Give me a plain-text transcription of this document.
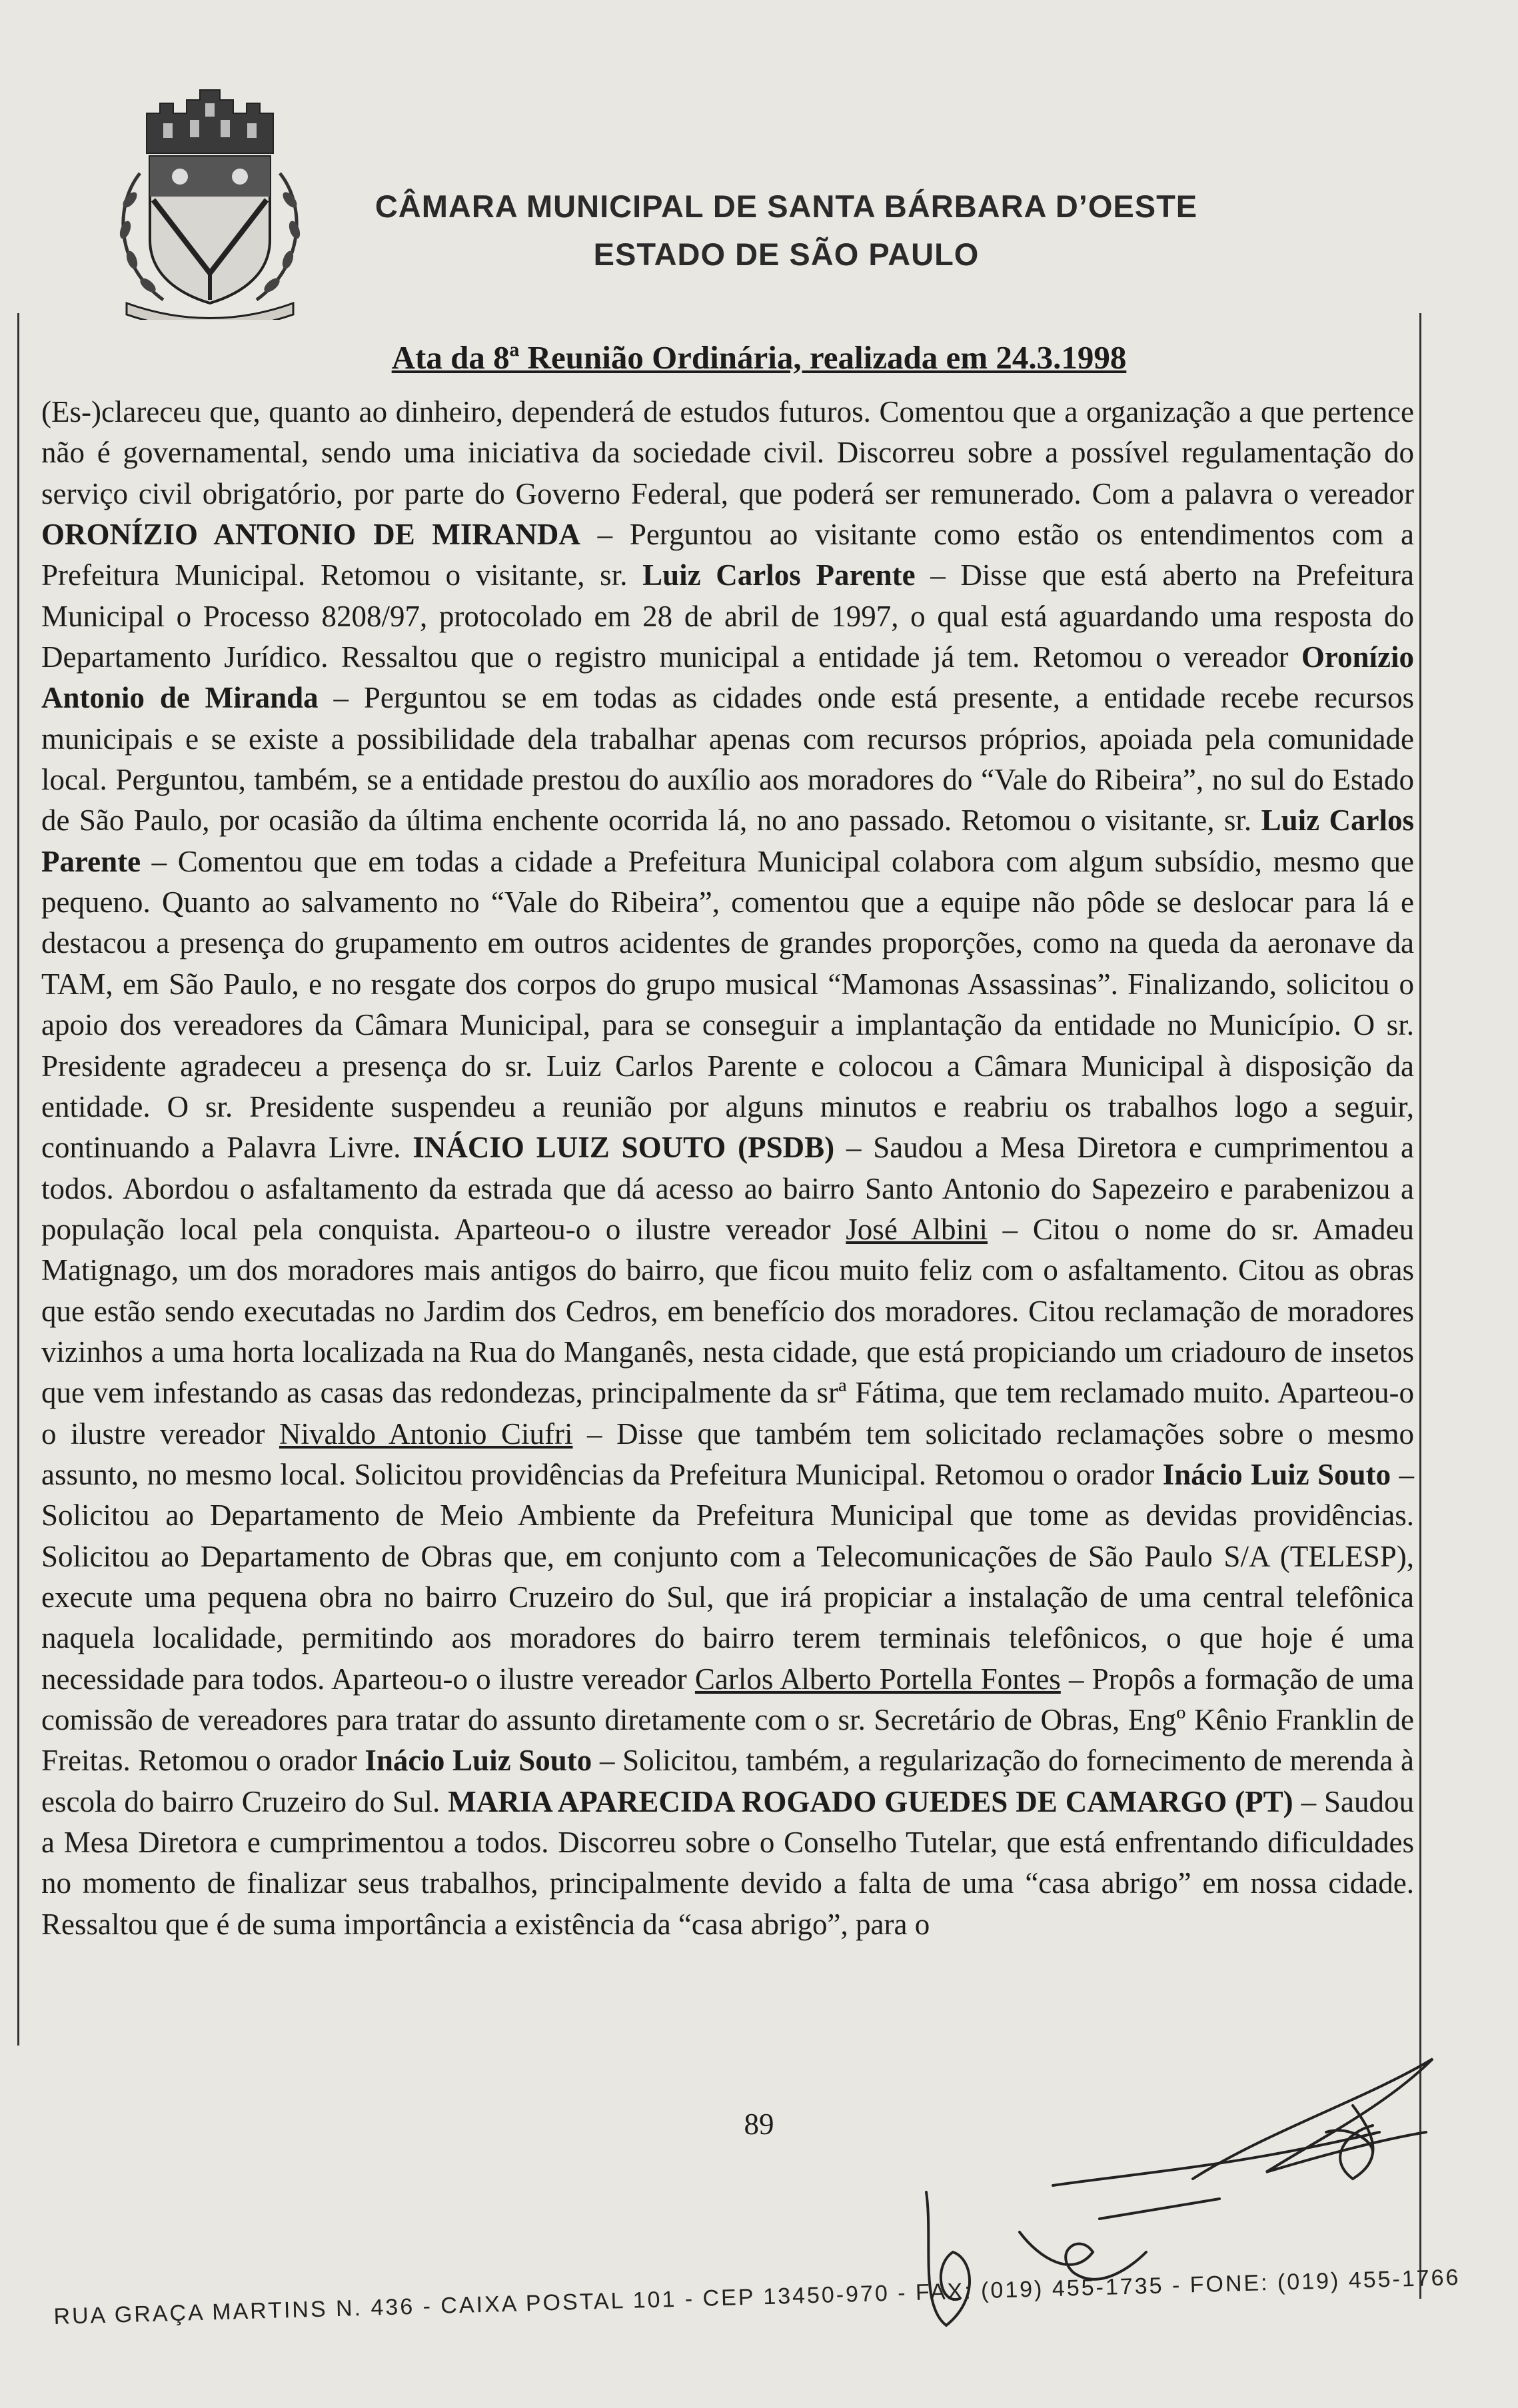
CÂMARA MUNICIPAL DE SANTA BÁRBARA D’OESTE
ESTADO DE SÃO PAULO
Ata da 8ª Reunião Ordinária, realizada em 24.3.1998
(Es-)clareceu que, quanto ao dinheiro, dependerá de estudos futuros. Comentou que a organização a que pertence não é governamental, sendo uma iniciativa da sociedade civil. Discorreu sobre a possível regulamentação do serviço civil obrigatório, por parte do Governo Federal, que poderá ser remunerado. Com a palavra o vereador ORONÍZIO ANTONIO DE MIRANDA – Perguntou ao visitante como estão os entendimentos com a Prefeitura Municipal. Retomou o visitante, sr. Luiz Carlos Parente – Disse que está aberto na Prefeitura Municipal o Processo 8208/97, protocolado em 28 de abril de 1997, o qual está aguardando uma resposta do Departamento Jurídico. Ressaltou que o registro municipal a entidade já tem. Retomou o vereador Oronízio Antonio de Miranda – Perguntou se em todas as cidades onde está presente, a entidade recebe recursos municipais e se existe a possibilidade dela trabalhar apenas com recursos próprios, apoiada pela comunidade local. Perguntou, também, se a entidade prestou do auxílio aos moradores do “Vale do Ribeira”, no sul do Estado de São Paulo, por ocasião da última enchente ocorrida lá, no ano passado. Retomou o visitante, sr. Luiz Carlos Parente – Comentou que em todas a cidade a Prefeitura Municipal colabora com algum subsídio, mesmo que pequeno. Quanto ao salvamento no “Vale do Ribeira”, comentou que a equipe não pôde se deslocar para lá e destacou a presença do grupamento em outros acidentes de grandes proporções, como na queda da aeronave da TAM, em São Paulo, e no resgate dos corpos do grupo musical “Mamonas Assassinas”. Finalizando, solicitou o apoio dos vereadores da Câmara Municipal, para se conseguir a implantação da entidade no Município. O sr. Presidente agradeceu a presença do sr. Luiz Carlos Parente e colocou a Câmara Municipal à disposição da entidade. O sr. Presidente suspendeu a reunião por alguns minutos e reabriu os trabalhos logo a seguir, continuando a Palavra Livre. INÁCIO LUIZ SOUTO (PSDB) – Saudou a Mesa Diretora e cumprimentou a todos. Abordou o asfaltamento da estrada que dá acesso ao bairro Santo Antonio do Sapezeiro e parabenizou a população local pela conquista. Aparteou-o o ilustre vereador José Albini – Citou o nome do sr. Amadeu Matignago, um dos moradores mais antigos do bairro, que ficou muito feliz com o asfaltamento. Citou as obras que estão sendo executadas no Jardim dos Cedros, em benefício dos moradores. Citou reclamação de moradores vizinhos a uma horta localizada na Rua do Manganês, nesta cidade, que está propiciando um criadouro de insetos que vem infestando as casas das redondezas, principalmente da srª Fátima, que tem reclamado muito. Aparteou-o o ilustre vereador Nivaldo Antonio Ciufri – Disse que também tem solicitado reclamações sobre o mesmo assunto, no mesmo local. Solicitou providências da Prefeitura Municipal. Retomou o orador Inácio Luiz Souto – Solicitou ao Departamento de Meio Ambiente da Prefeitura Municipal que tome as devidas providências. Solicitou ao Departamento de Obras que, em conjunto com a Telecomunicações de São Paulo S/A (TELESP), execute uma pequena obra no bairro Cruzeiro do Sul, que irá propiciar a instalação de uma central telefônica naquela localidade, permitindo aos moradores do bairro terem terminais telefônicos, o que hoje é uma necessidade para todos. Aparteou-o o ilustre vereador Carlos Alberto Portella Fontes – Propôs a formação de uma comissão de vereadores para tratar do assunto diretamente com o sr. Secretário de Obras, Engº Kênio Franklin de Freitas. Retomou o orador Inácio Luiz Souto – Solicitou, também, a regularização do fornecimento de merenda à escola do bairro Cruzeiro do Sul. MARIA APARECIDA ROGADO GUEDES DE CAMARGO (PT) – Saudou a Mesa Diretora e cumprimentou a todos. Discorreu sobre o Conselho Tutelar, que está enfrentando dificuldades no momento de finalizar seus trabalhos, principalmente devido a falta de uma “casa abrigo” em nossa cidade. Ressaltou que é de suma importância a existência da “casa abrigo”, para o
89
RUA GRAÇA MARTINS N. 436 - CAIXA POSTAL 101 - CEP 13450-970 - FAX: (019) 455-1735 - FONE: (019) 455-1766
